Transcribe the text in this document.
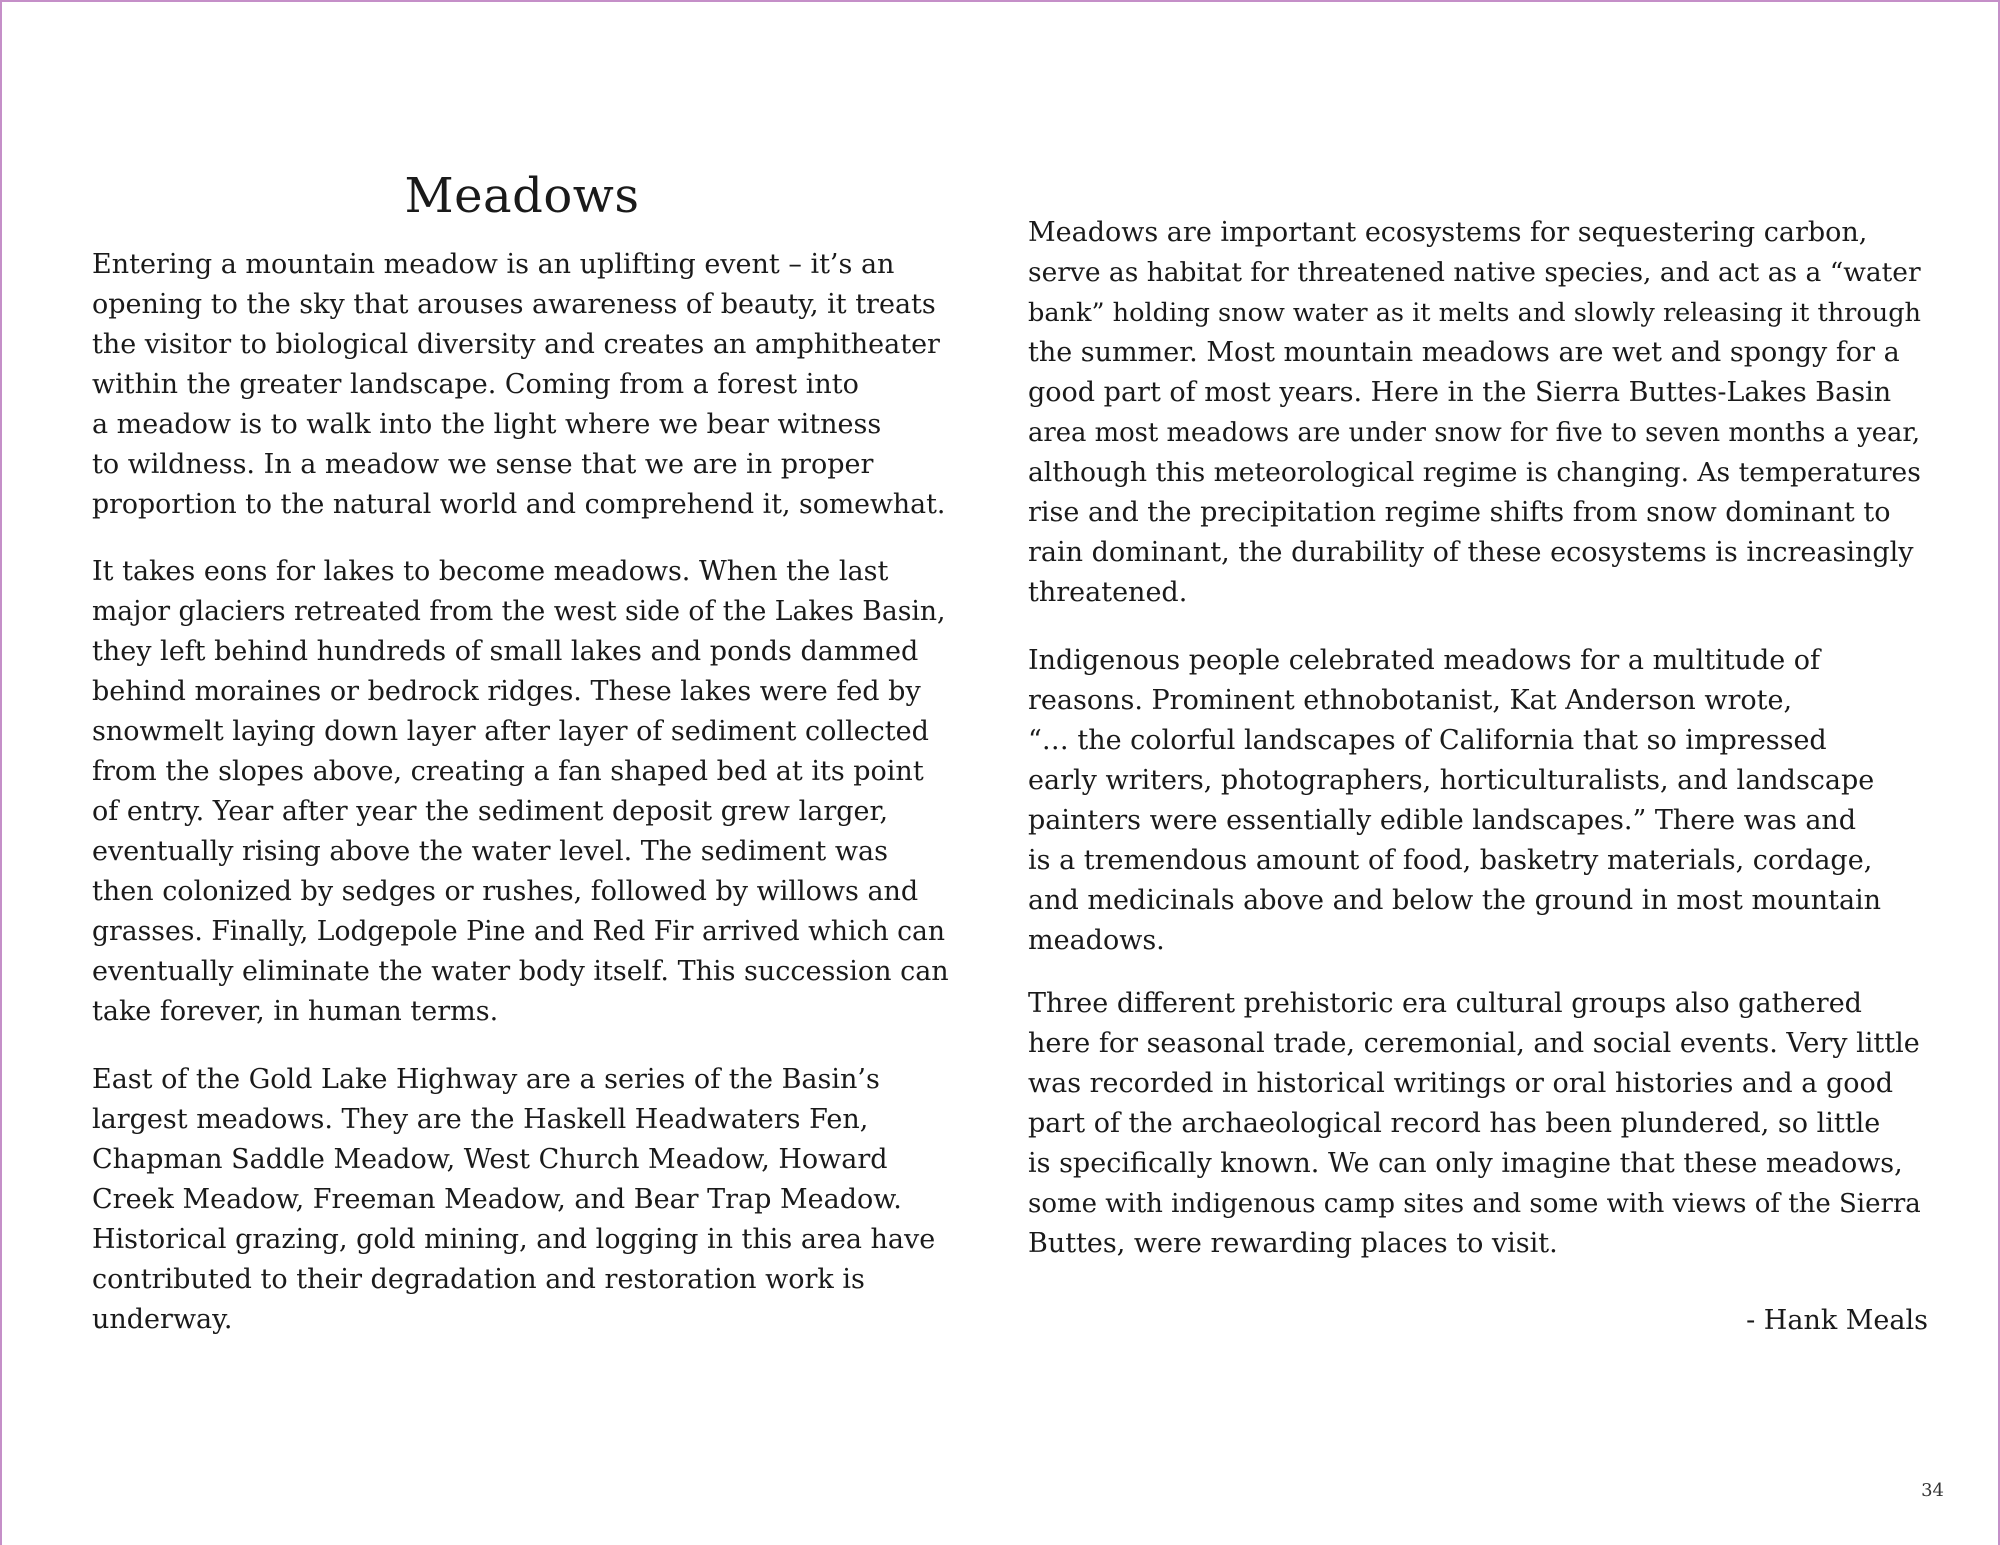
Meadows

Entering a mountain meadow is an uplifting event – it’s an
opening to the sky that arouses awareness of beauty, it treats
the visitor to biological diversity and creates an amphitheater
within the greater landscape. Coming from a forest into
a meadow is to walk into the light where we bear witness
to wildness. In a meadow we sense that we are in proper
proportion to the natural world and comprehend it, somewhat.

It takes eons for lakes to become meadows. When the last
major glaciers retreated from the west side of the Lakes Basin,
they left behind hundreds of small lakes and ponds dammed
behind moraines or bedrock ridges. These lakes were fed by
snowmelt laying down layer after layer of sediment collected
from the slopes above, creating a fan shaped bed at its point
of entry. Year after year the sediment deposit grew larger,
eventually rising above the water level. The sediment was
then colonized by sedges or rushes, followed by willows and
grasses. Finally, Lodgepole Pine and Red Fir arrived which can
eventually eliminate the water body itself. This succession can
take forever, in human terms.

East of the Gold Lake Highway are a series of the Basin’s
largest meadows. They are the Haskell Headwaters Fen,
Chapman Saddle Meadow, West Church Meadow, Howard
Creek Meadow, Freeman Meadow, and Bear Trap Meadow.
Historical grazing, gold mining, and logging in this area have
contributed to their degradation and restoration work is
underway.

Meadows are important ecosystems for sequestering carbon,
serve as habitat for threatened native species, and act as a “water
bank” holding snow water as it melts and slowly releasing it through
the summer. Most mountain meadows are wet and spongy for a
good part of most years. Here in the Sierra Buttes-Lakes Basin
area most meadows are under snow for five to seven months a year,
although this meteorological regime is changing. As temperatures
rise and the precipitation regime shifts from snow dominant to
rain dominant, the durability of these ecosystems is increasingly
threatened.

Indigenous people celebrated meadows for a multitude of
reasons. Prominent ethnobotanist, Kat Anderson wrote,
“… the colorful landscapes of California that so impressed
early writers, photographers, horticulturalists, and landscape
painters were essentially edible landscapes.” There was and
is a tremendous amount of food, basketry materials, cordage,
and medicinals above and below the ground in most mountain
meadows.

Three different prehistoric era cultural groups also gathered
here for seasonal trade, ceremonial, and social events. Very little
was recorded in historical writings or oral histories and a good
part of the archaeological record has been plundered, so little
is specifically known. We can only imagine that these meadows,
some with indigenous camp sites and some with views of the Sierra
Buttes, were rewarding places to visit.

- Hank Meals
34
